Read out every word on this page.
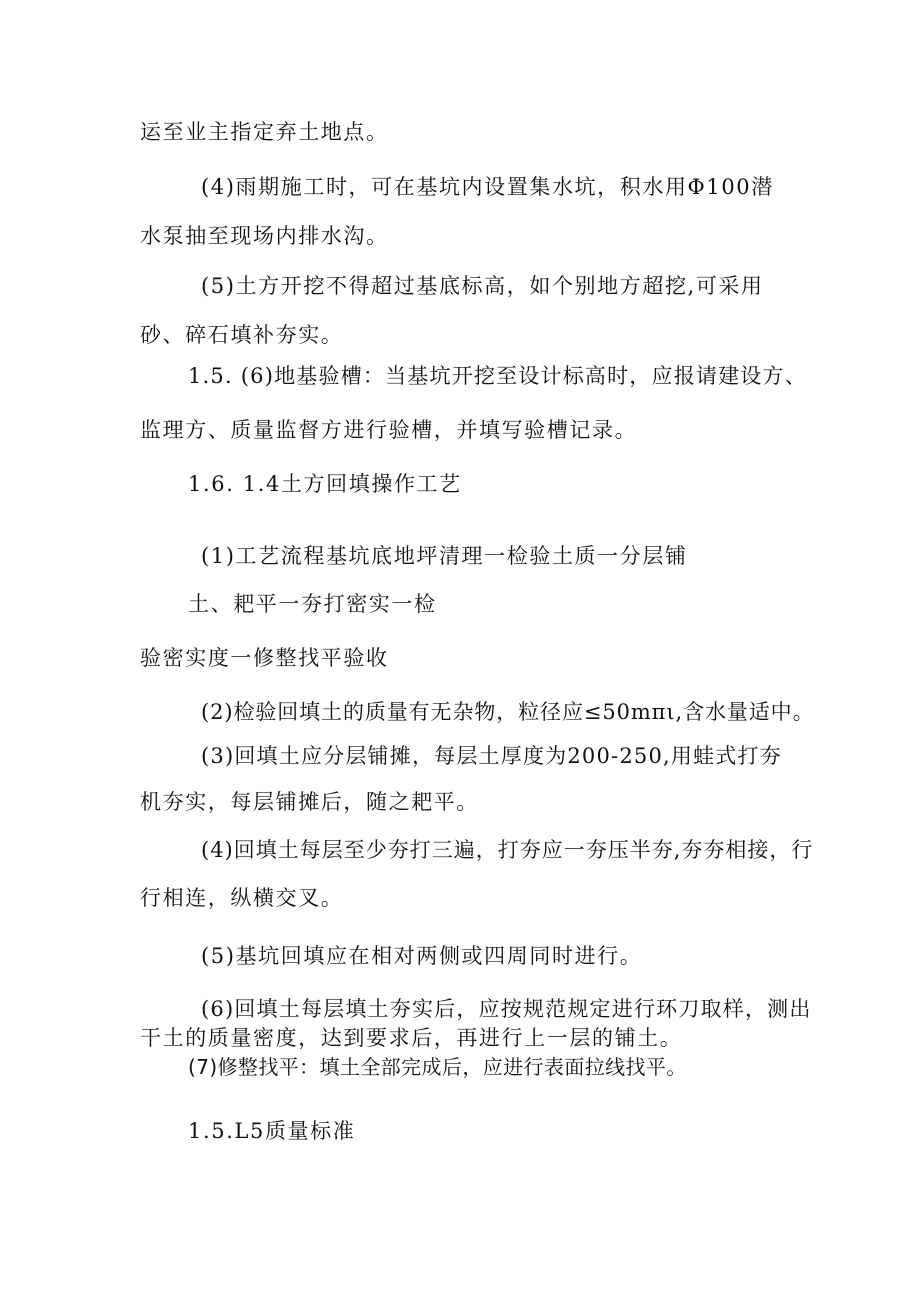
运至业主指定弃土地点。

(4)雨期施工时，可在基坑内设置集水坑，积水用Φ100潜

水泵抽至现场内排水沟。

(5)土方开挖不得超过基底标高，如个别地方超挖,可采用

砂、碎石填补夯实。

1.5. (6)地基验槽：当基坑开挖至设计标高时，应报请建设方、

监理方、质量监督方进行验槽，并填写验槽记录。

1.6. 1.4土方回填操作工艺

(1)工艺流程基坑底地坪清理一检验土质一分层铺

土、耙平一夯打密实一检

验密实度一修整找平验收

(2)检验回填土的质量有无杂物，粒径应≤50mπι,含水量适中。

(3)回填土应分层铺摊，每层土厚度为200-250,用蛙式打夯

机夯实，每层铺摊后，随之耙平。

(4)回填土每层至少夯打三遍，打夯应一夯压半夯,夯夯相接，行

行相连，纵横交叉。

(5)基坑回填应在相对两侧或四周同时进行。

(6)回填土每层填土夯实后，应按规范规定进行环刀取样，测出

干土的质量密度，达到要求后，再进行上一层的铺土。

(7)修整找平：填土全部完成后，应进行表面拉线找平。

1.5.L5质量标准
